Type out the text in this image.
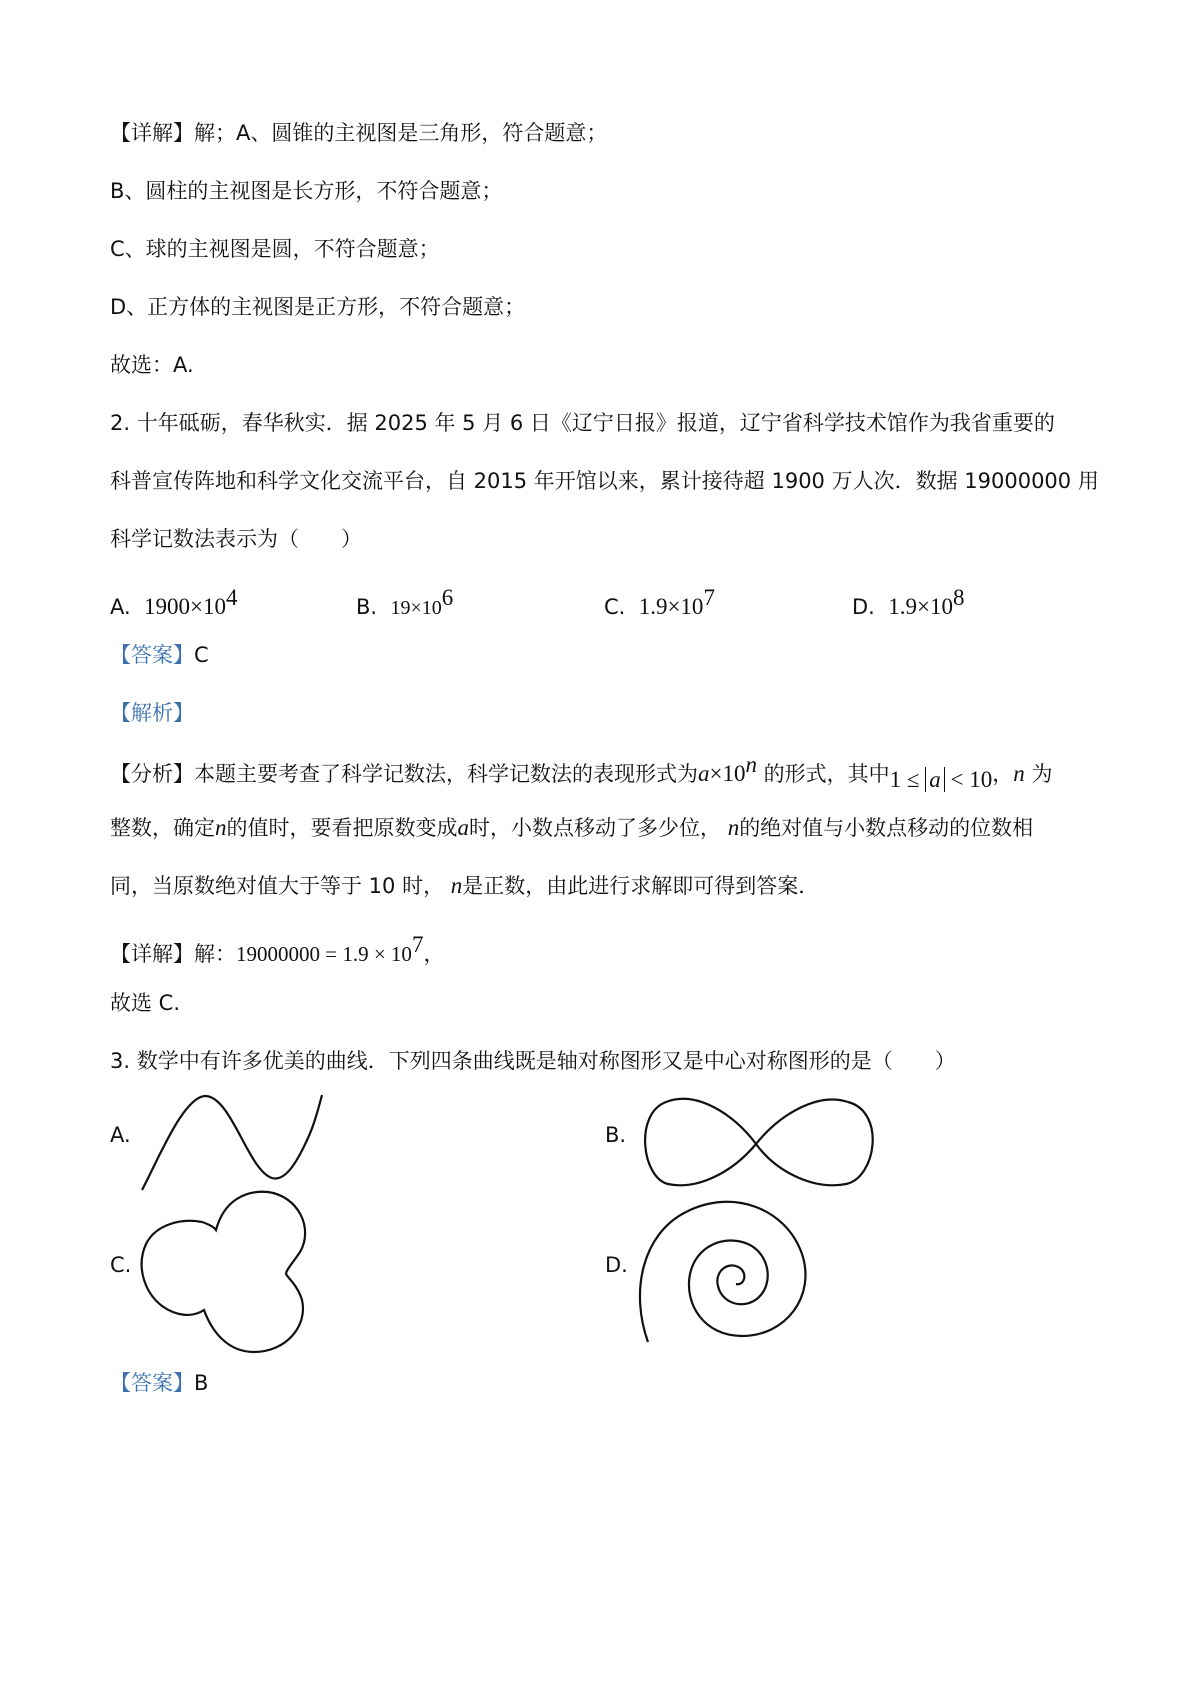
【详解】解；A、圆锥的主视图是三角形，符合题意；
B、圆柱的主视图是长方形，不符合题意；
C、球的主视图是圆，不符合题意；
D、正方体的主视图是正方形，不符合题意；
故选：A.
2. 十年砥砺，春华秋实．据 2025 年 5 月 6 日《辽宁日报》报道，辽宁省科学技术馆作为我省重要的
科普宣传阵地和科学文化交流平台，自 2015 年开馆以来，累计接待超 1900 万人次．数据 19000000 用
科学记数法表示为（　　）
A. $1900\times 10^4$	B. $19\times 10^6$	C. $1.9\times 10^7$	D. $1.9\times 10^8$
【答案】C
【解析】
【分析】本题主要考查了科学记数法，科学记数法的表现形式为$a\times 10^n$ 的形式，其中1 ≤ a < 10，n 为
整数，确定n的值时，要看把原数变成a时，小数点移动了多少位， n的绝对值与小数点移动的位数相
同，当原数绝对值大于等于 10 时， n是正数，由此进行求解即可得到答案．
【详解】解：$19000000 = 1.9 \times 10^7$，
故选 C.
3. 数学中有许多优美的曲线．下列四条曲线既是轴对称图形又是中心对称图形的是（　　）
A.	B.
C.	D.
【答案】B
